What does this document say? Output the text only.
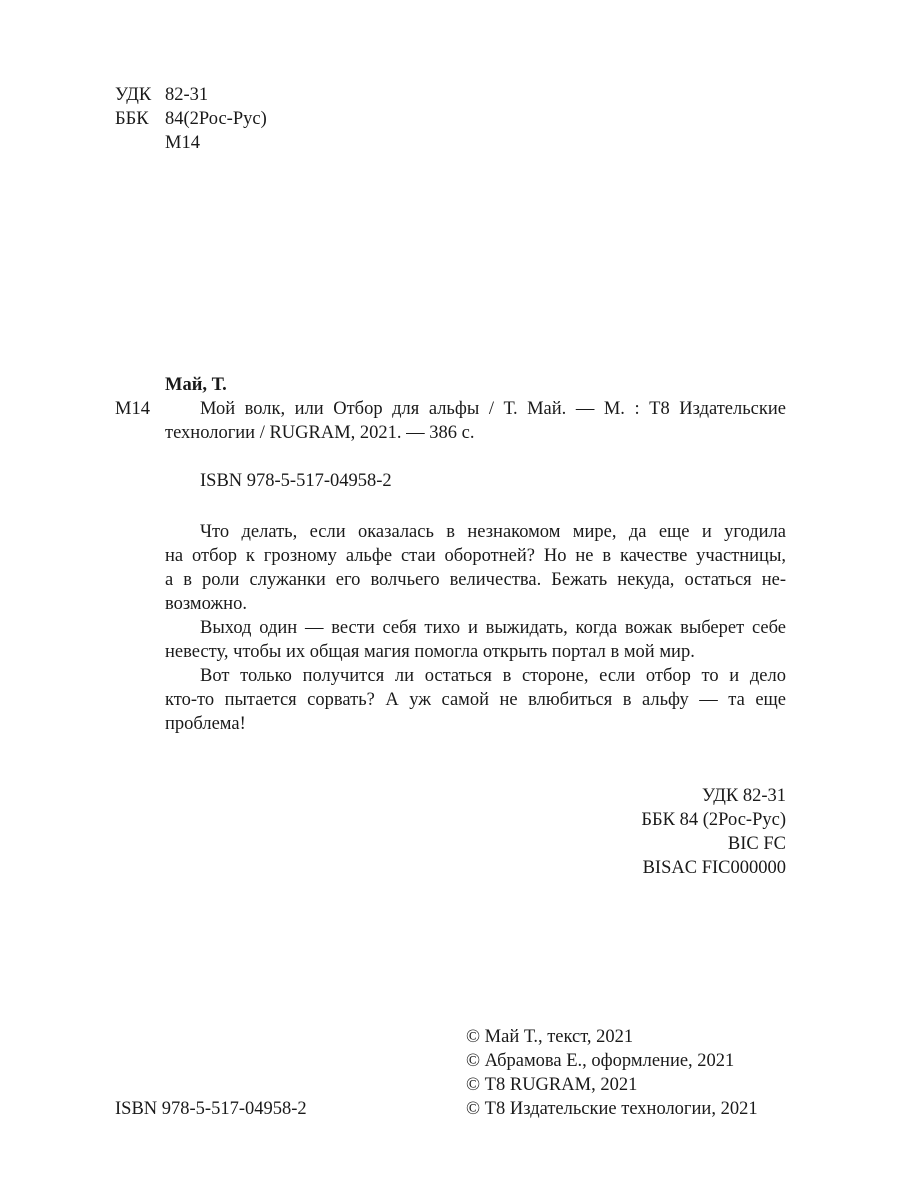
УДК 82-31
ББК 84(2Рос-Рус)
М14
Май, Т.
М14	Мой волк, или Отбор для альфы / Т. Май. — М. : Т8 Издательские
технологии / RUGRAM, 2021. — 386 с.
ISBN 978-5-517-04958-2
Что делать, если оказалась в незнакомом мире, да еще и угодила
на отбор к грозному альфе стаи оборотней? Но не в качестве участницы,
а в роли служанки его волчьего величества. Бежать некуда, остаться не-
возможно.
Выход один — вести себя тихо и выжидать, когда вожак выберет себе
невесту, чтобы их общая магия помогла открыть портал в мой мир.
Вот только получится ли остаться в стороне, если отбор то и дело
кто-то пытается сорвать? А уж самой не влюбиться в альфу — та еще
проблема!
УДК 82-31
ББК 84 (2Рос-Рус)
BIC FC
BISAC FIC000000
ISBN 978-5-517-04958-2
© Май Т., текст, 2021
© Абрамова Е., оформление, 2021
© Т8 RUGRAM, 2021
© Т8 Издательские технологии, 2021
